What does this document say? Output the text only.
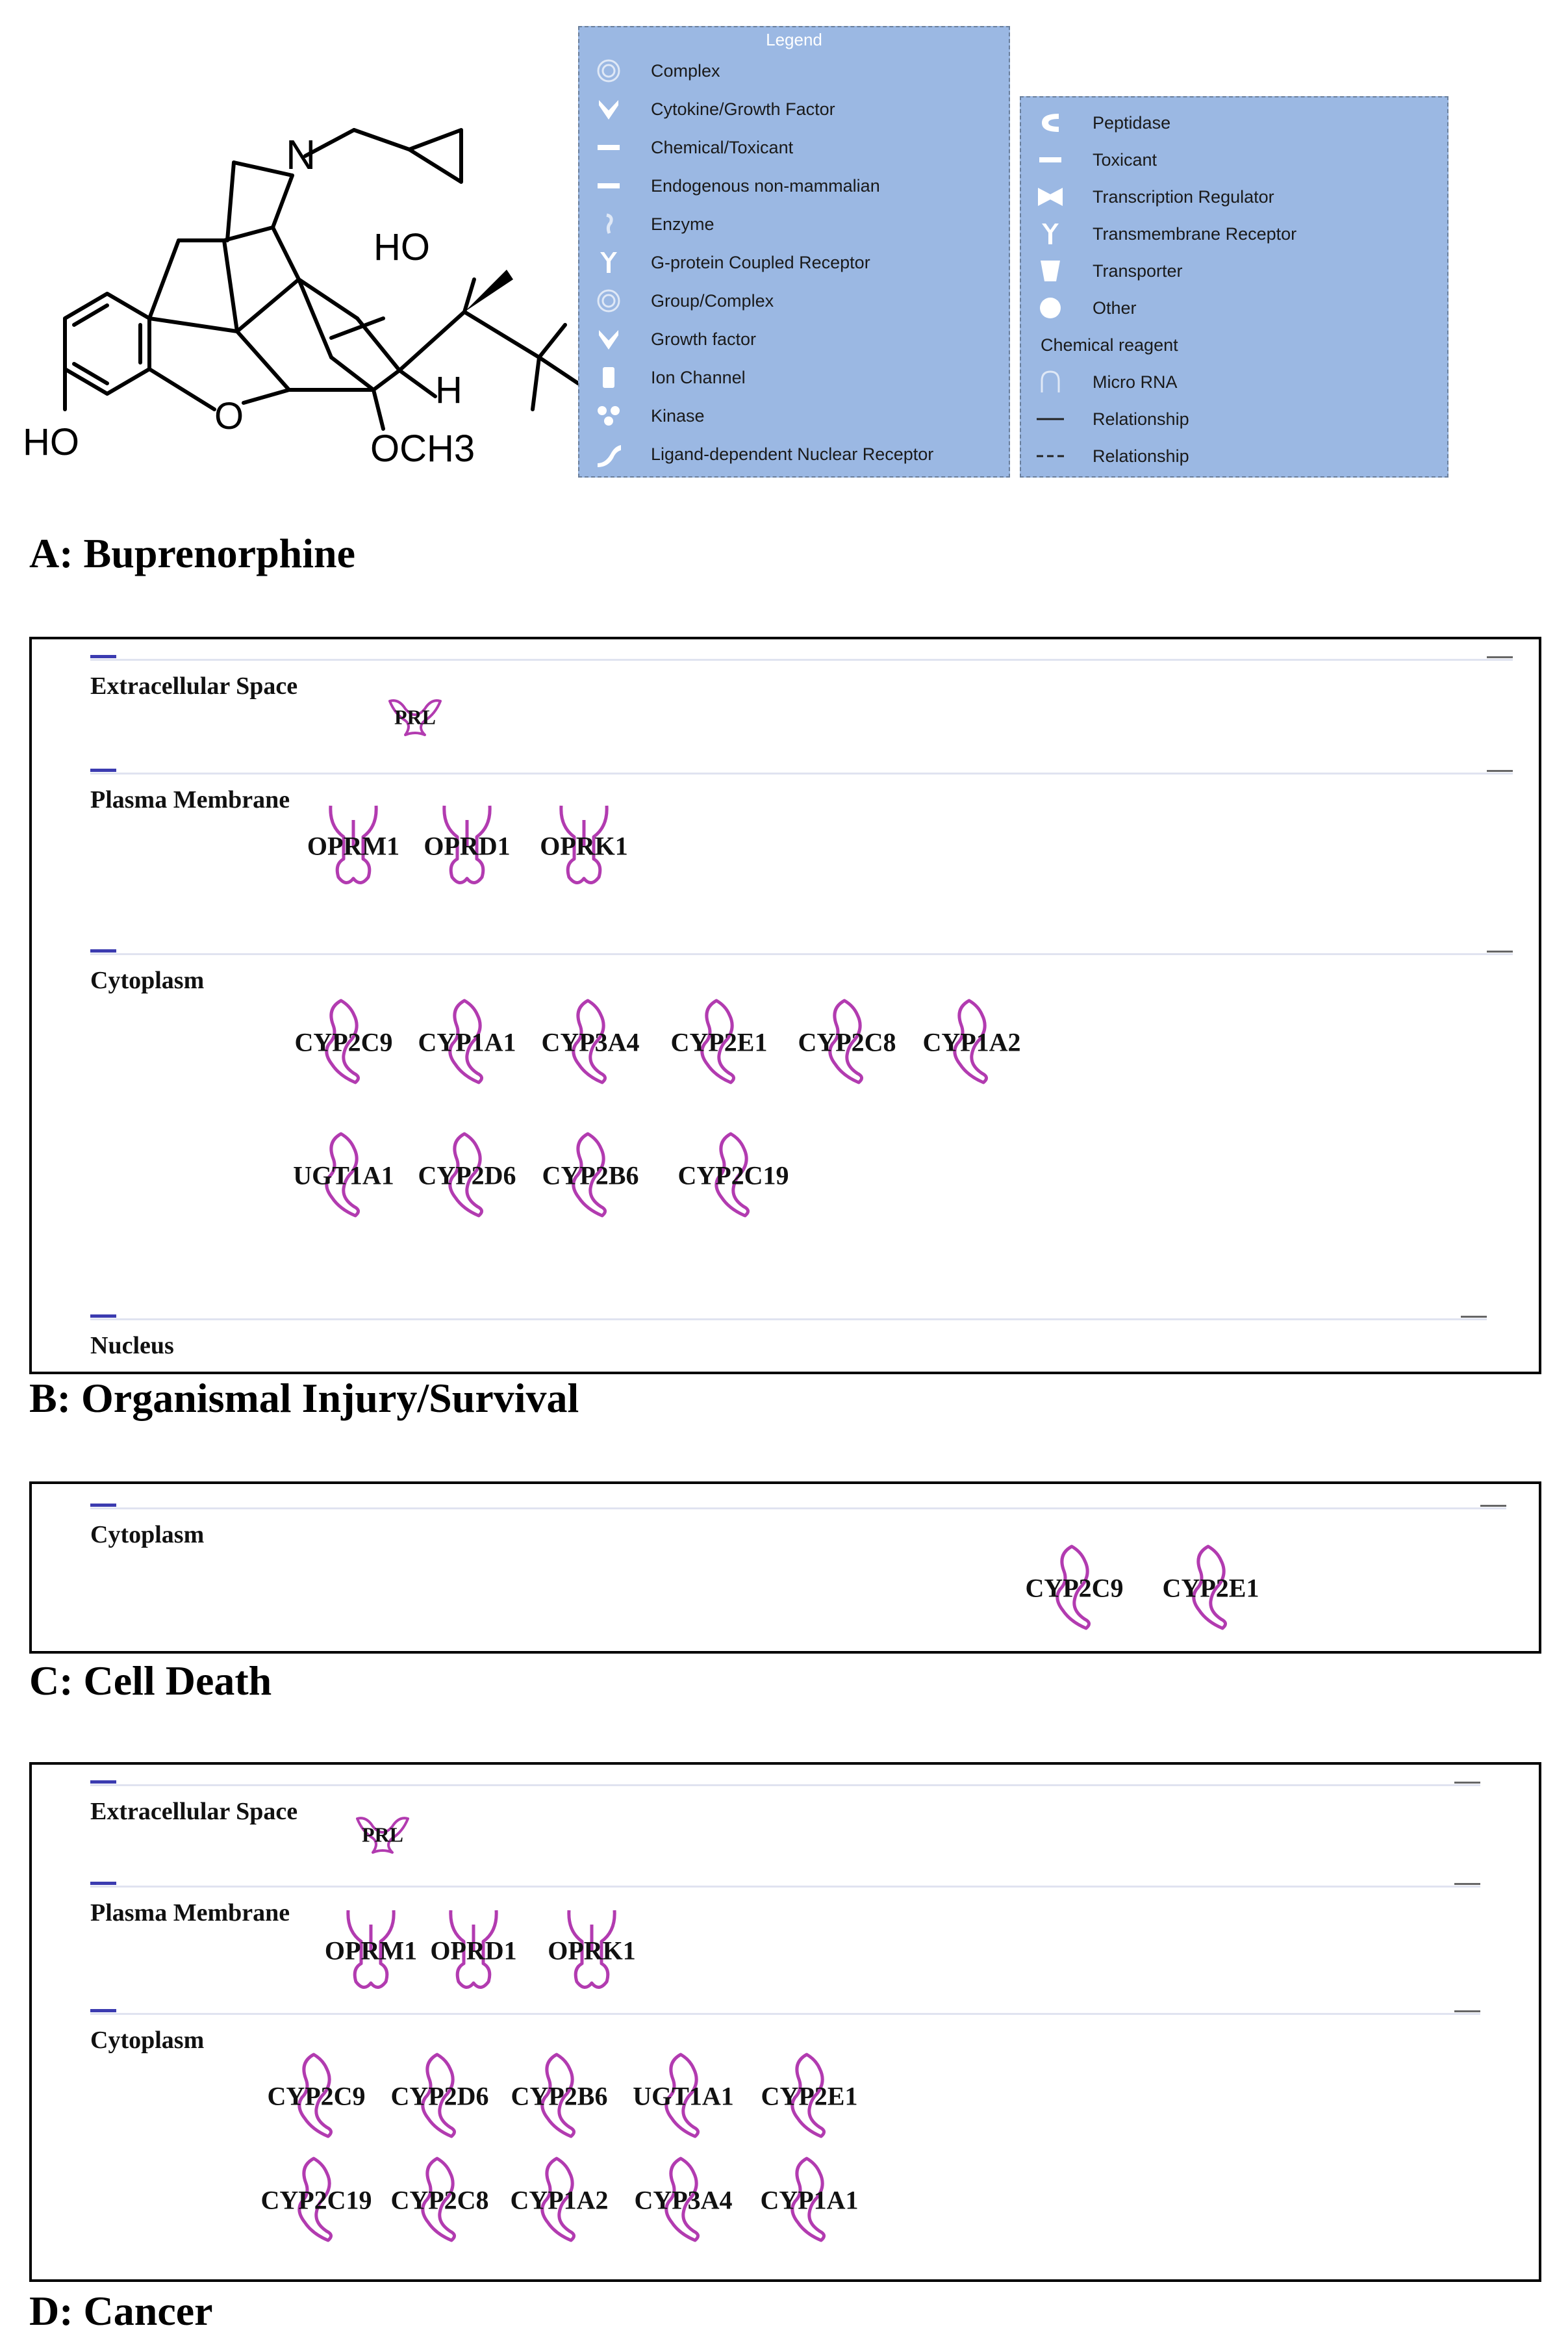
N
HO
H
HO
O
OCH3
Legend
Complex
Cytokine/Growth Factor
Chemical/Toxicant
Endogenous non-mammalian
Enzyme
G-protein Coupled Receptor
Group/Complex
Growth factor
Ion Channel
Kinase
Ligand-dependent Nuclear Receptor
Peptidase
Toxicant
Transcription Regulator
Transmembrane Receptor
Transporter
Other
Chemical reagent
Micro RNA
Relationship
Relationship
A: Buprenorphine
Extracellular Space
Plasma Membrane
Cytoplasm
Nucleus
PRL
OPRM1 OPRD1 OPRK1
CYP2C9 CYP1A1 CYP3A4 CYP2E1 CYP2C8 CYP1A2
UGT1A1 CYP2D6 CYP2B6 CYP2C19
B: Organismal Injury/Survival
Cytoplasm
CYP2C9 CYP2E1
C: Cell Death
Extracellular Space
Plasma Membrane
Cytoplasm
PRL
OPRM1 OPRD1 OPRK1
CYP2C9 CYP2D6 CYP2B6 UGT1A1 CYP2E1
CYP2C19 CYP2C8 CYP1A2 CYP3A4 CYP1A1
D: Cancer
